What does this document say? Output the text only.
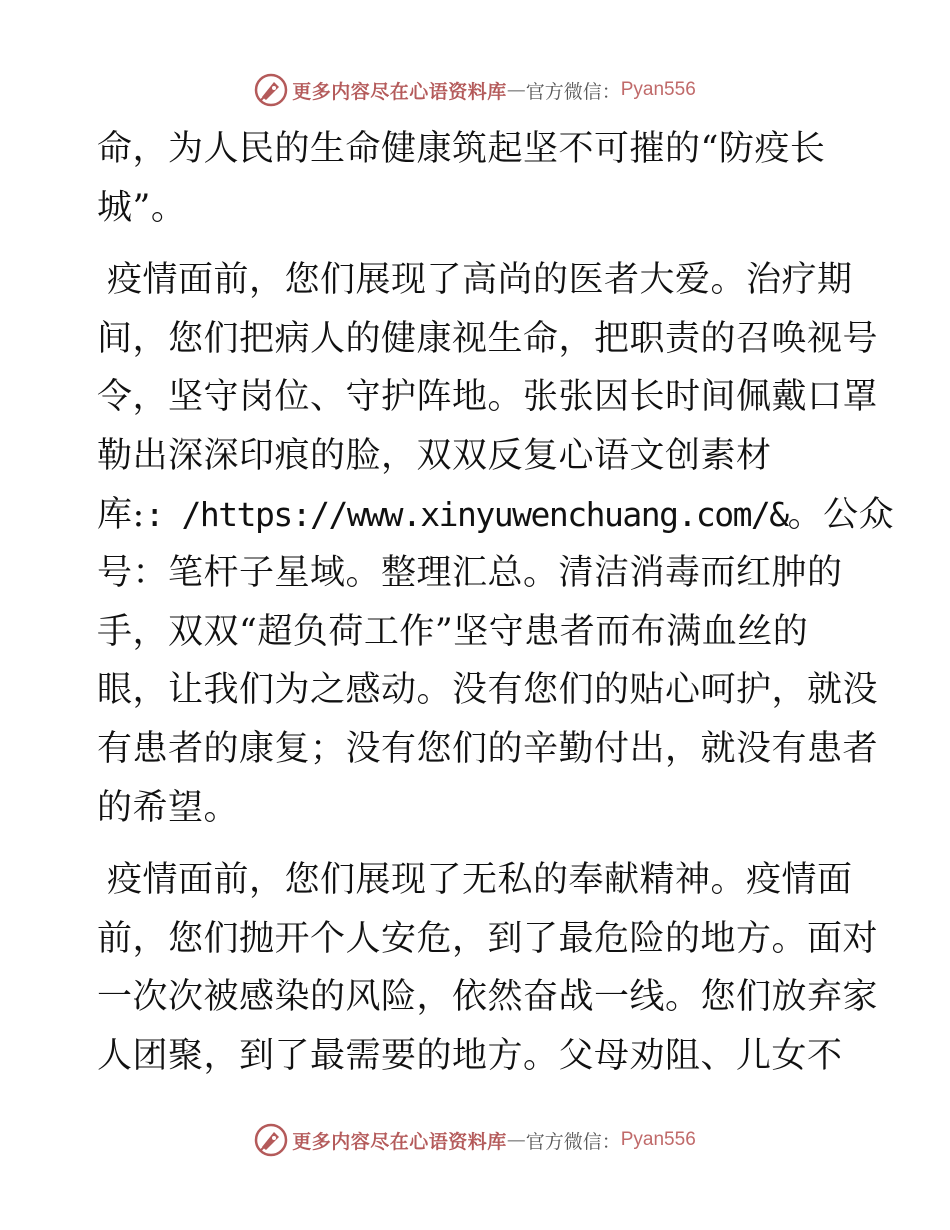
更多内容尽在心语资料库 — 官方微信： Pyan556
命，为人民的生命健康筑起坚不可摧的“防疫长
城”。
疫情面前，您们展现了高尚的医者大爱。治疗期
间，您们把病人的健康视生命，把职责的召唤视号
令，坚守岗位、守护阵地。张张因长时间佩戴口罩
勒出深深印痕的脸，双双反复心语文创素材
库:: /https://www.xinyuwenchuang.com/&。公众
号：笔杆子星域。整理汇总。清洁消毒而红肿的
手，双双“超负荷工作”坚守患者而布满血丝的
眼，让我们为之感动。没有您们的贴心呵护，就没
有患者的康复；没有您们的辛勤付出，就没有患者
的希望。
疫情面前，您们展现了无私的奉献精神。疫情面
前，您们抛开个人安危，到了最危险的地方。面对
一次次被感染的风险，依然奋战一线。您们放弃家
人团聚，到了最需要的地方。父母劝阻、儿女不
更多内容尽在心语资料库 — 官方微信： Pyan556
